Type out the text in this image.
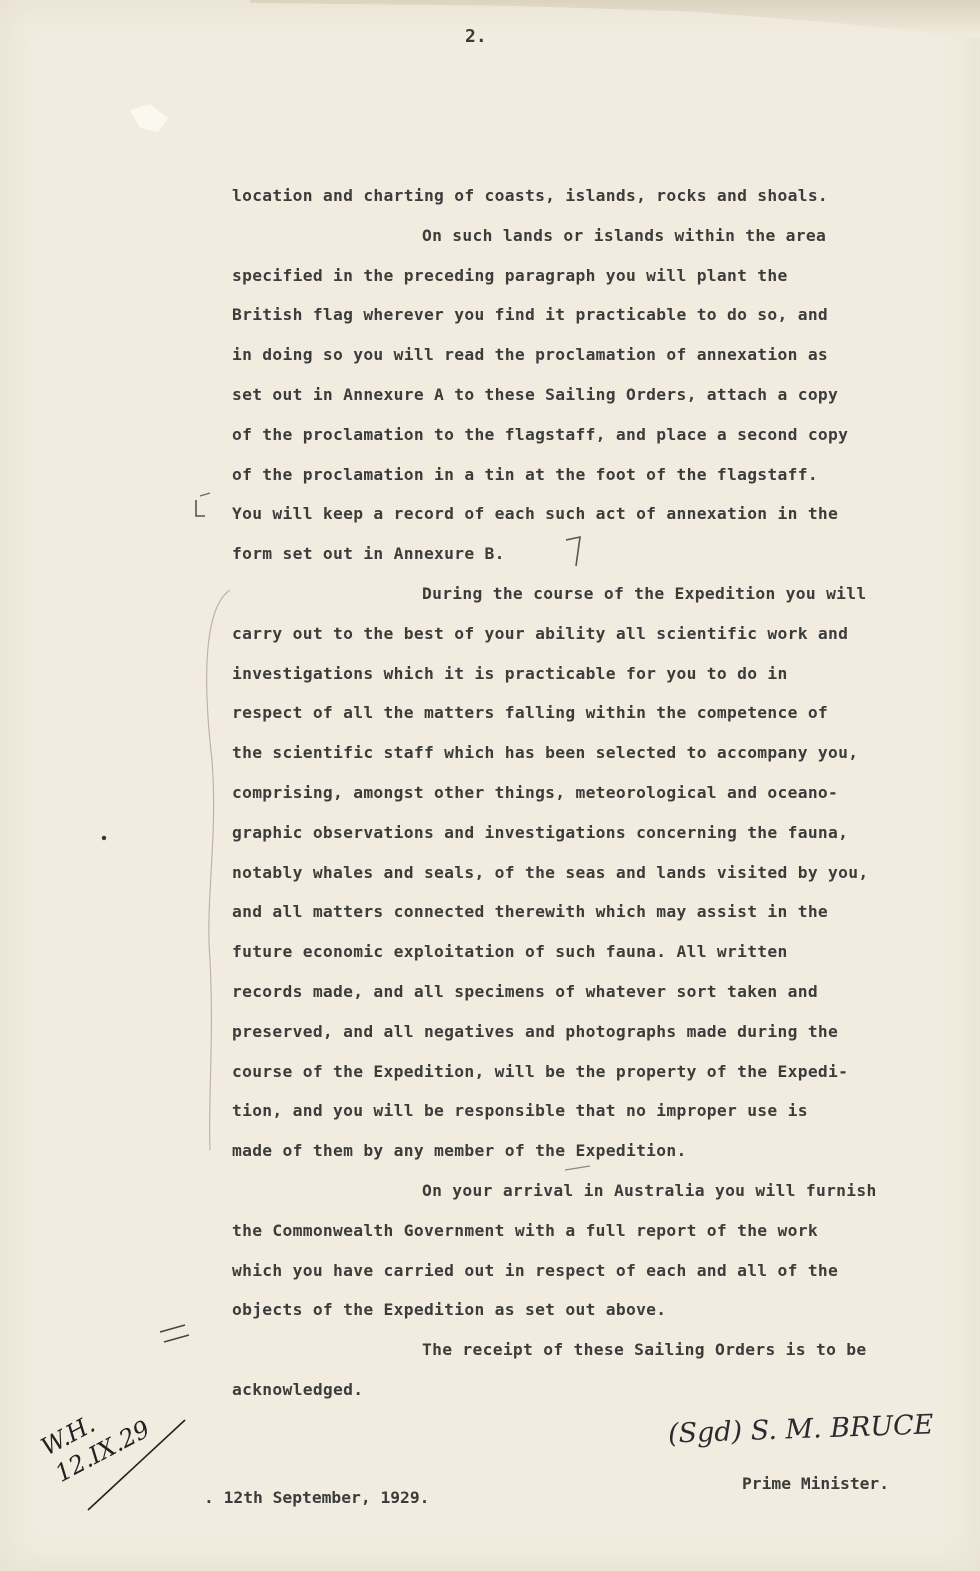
2.
location and charting of coasts, islands, rocks and shoals.
On such lands or islands within the area
specified in the preceding paragraph you will plant the
British flag wherever you find it practicable to do so, and
in doing so you will read the proclamation of annexation as
set out in Annexure A to these Sailing Orders, attach a copy
of the proclamation to the flagstaff, and place a second copy
of the proclamation in a tin at the foot of the flagstaff.
You will keep a record of each such act of annexation in the
form set out in Annexure B.
During the course of the Expedition you will
carry out to the best of your ability all scientific work and
investigations which it is practicable for you to do in
respect of all the matters falling within the competence of
the scientific staff which has been selected to accompany you,
comprising, amongst other things, meteorological and oceano-
graphic observations and investigations concerning the fauna,
notably whales and seals, of the seas and lands visited by you,
and all matters connected therewith which may assist in the
future economic exploitation of such fauna. All written
records made, and all specimens of whatever sort taken and
preserved, and all negatives and photographs made during the
course of the Expedition, will be the property of the Expedi-
tion, and you will be responsible that no improper use is
made of them by any member of the Expedition.
On your arrival in Australia you will furnish
the Commonwealth Government with a full report of the work
which you have carried out in respect of each and all of the
objects of the Expedition as set out above.
The receipt of these Sailing Orders is to be
acknowledged.
(Sgd) S. M. BRUCE
Prime Minister.
. 12th September, 1929.
W.H.
12.IX.29
